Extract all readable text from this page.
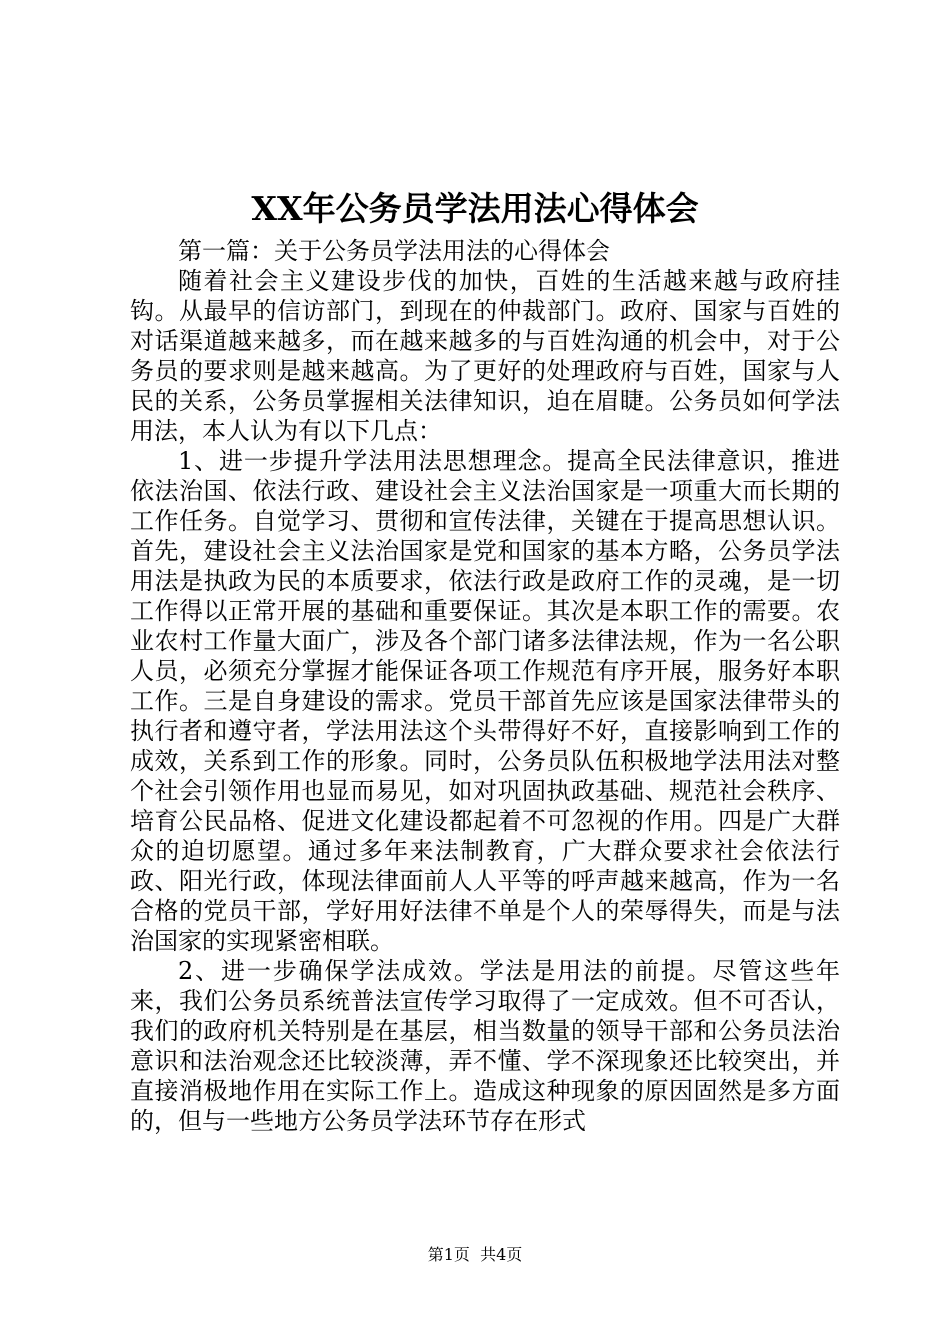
XX年公务员学法用法心得体会

第一篇：关于公务员学法用法的心得体会

随着社会主义建设步伐的加快，百姓的生活越来越与政府挂钩。从最早的信访部门，到现在的仲裁部门。政府、国家与百姓的对话渠道越来越多，而在越来越多的与百姓沟通的机会中，对于公务员的要求则是越来越高。为了更好的处理政府与百姓，国家与人民的关系，公务员掌握相关法律知识，迫在眉睫。公务员如何学法用法，本人认为有以下几点：

1、进一步提升学法用法思想理念。提高全民法律意识，推进依法治国、依法行政、建设社会主义法治国家是一项重大而长期的工作任务。自觉学习、贯彻和宣传法律，关键在于提高思想认识。首先，建设社会主义法治国家是党和国家的基本方略，公务员学法用法是执政为民的本质要求，依法行政是政府工作的灵魂，是一切工作得以正常开展的基础和重要保证。其次是本职工作的需要。农业农村工作量大面广，涉及各个部门诸多法律法规，作为一名公职人员，必须充分掌握才能保证各项工作规范有序开展，服务好本职工作。三是自身建设的需求。党员干部首先应该是国家法律带头的执行者和遵守者，学法用法这个头带得好不好，直接影响到工作的成效，关系到工作的形象。同时，公务员队伍积极地学法用法对整个社会引领作用也显而易见，如对巩固执政基础、规范社会秩序、培育公民品格、促进文化建设都起着不可忽视的作用。四是广大群众的迫切愿望。通过多年来法制教育，广大群众要求社会依法行政、阳光行政，体现法律面前人人平等的呼声越来越高，作为一名合格的党员干部，学好用好法律不单是个人的荣辱得失，而是与法治国家的实现紧密相联。

2、进一步确保学法成效。学法是用法的前提。尽管这些年来，我们公务员系统普法宣传学习取得了一定成效。但不可否认，我们的政府机关特别是在基层，相当数量的领导干部和公务员法治意识和法治观念还比较淡薄，弄不懂、学不深现象还比较突出，并直接消极地作用在实际工作上。造成这种现象的原因固然是多方面的，但与一些地方公务员学法环节存在形式

第1页 共4页
